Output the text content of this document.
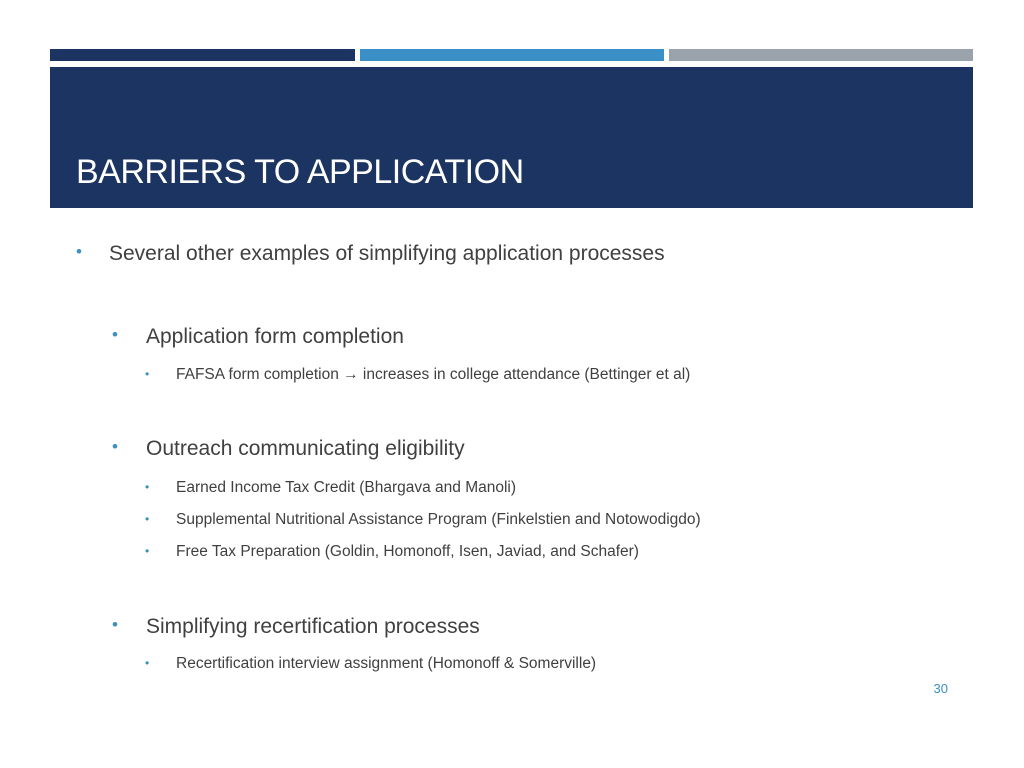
BARRIERS TO APPLICATION
• Several other examples of simplifying application processes
• Application form completion
• FAFSA form completion → increases in college attendance (Bettinger et al)
• Outreach communicating eligibility
• Earned Income Tax Credit (Bhargava and Manoli)
• Supplemental Nutritional Assistance Program (Finkelstien and Notowodigdo)
• Free Tax Preparation (Goldin, Homonoff, Isen, Javiad, and Schafer)
• Simplifying recertification processes
• Recertification interview assignment (Homonoff & Somerville)
30
